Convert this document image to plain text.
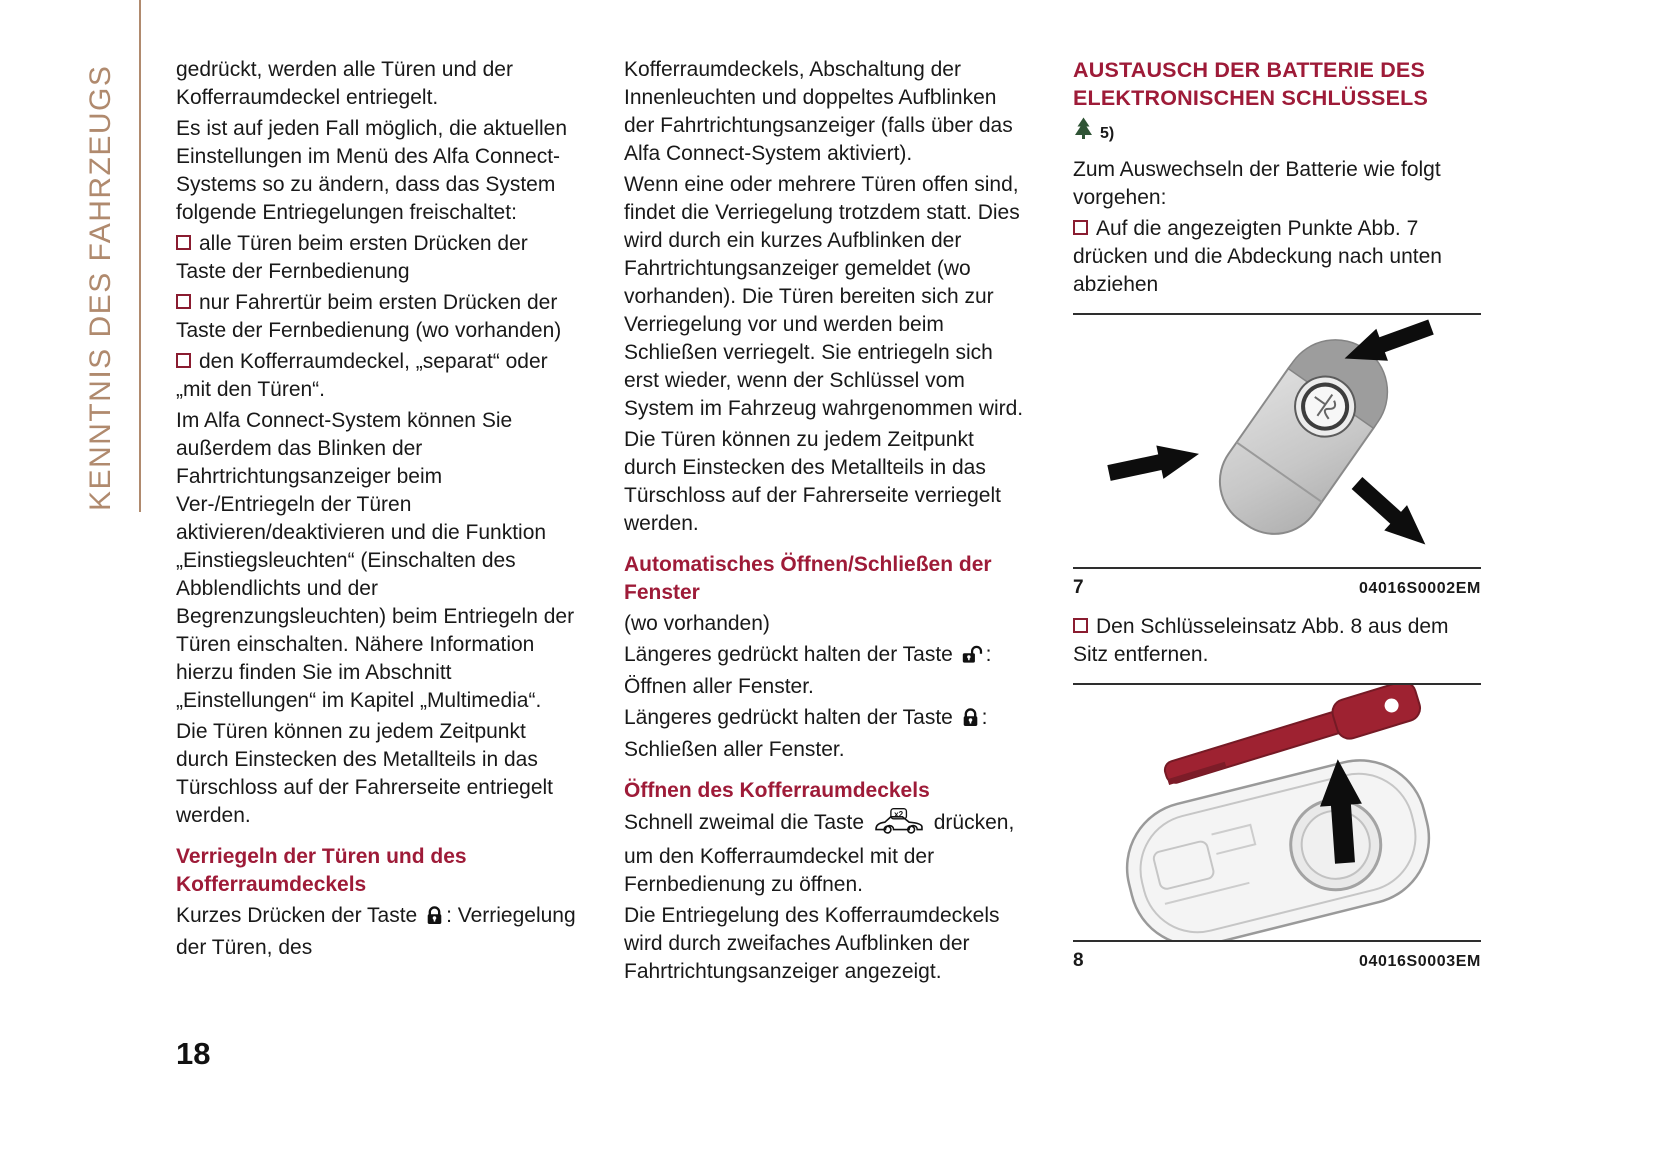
KENNTNIS DES FAHRZEUGS	gedrückt, werden alle Türen und der Kofferraumdeckel entriegelt.

Es ist auf jeden Fall möglich, die aktuellen Einstellungen im Menü des Alfa Connect-Systems so zu ändern, dass das System folgende Entriegelungen freischaltet:

alle Türen beim ersten Drücken der Taste der Fernbedienung

nur Fahrertür beim ersten Drücken der Taste der Fernbedienung (wo vorhanden)

den Kofferraumdeckel, „separat“ oder „mit den Türen“.

Im Alfa Connect-System können Sie außerdem das Blinken der Fahrtrichtungsanzeiger beim Ver-/Entriegeln der Türen aktivieren/deaktivieren und die Funktion „Einstiegsleuchten“ (Einschalten des Abblendlichts und der Begrenzungsleuchten) beim Entriegeln der Türen einschalten. Nähere Information hierzu finden Sie im Abschnitt „Einstellungen“ im Kapitel „Multimedia“.

Die Türen können zu jedem Zeitpunkt durch Einstecken des Metallteils in das Türschloss auf der Fahrerseite entriegelt werden.

Verriegeln der Türen und des Kofferraumdeckels

Kurzes Drücken der Taste : Verriegelung der Türen, des

Kofferraumdeckels, Abschaltung der Innenleuchten und doppeltes Aufblinken der Fahrtrichtungsanzeiger (falls über das Alfa Connect-System aktiviert).

Wenn eine oder mehrere Türen offen sind, findet die Verriegelung trotzdem statt. Dies wird durch ein kurzes Aufblinken der Fahrtrichtungsanzeiger gemeldet (wo vorhanden). Die Türen bereiten sich zur Verriegelung vor und werden beim Schließen verriegelt. Sie entriegeln sich erst wieder, wenn der Schlüssel vom System im Fahrzeug wahrgenommen wird.

Die Türen können zu jedem Zeitpunkt durch Einstecken des Metallteils in das Türschloss auf der Fahrerseite verriegelt werden.

Automatisches Öffnen/Schließen der Fenster

(wo vorhanden)

Längeres gedrückt halten der Taste : Öffnen aller Fenster.

Längeres gedrückt halten der Taste : Schließen aller Fenster.

Öffnen des Kofferraumdeckels

Schnell zweimal die Taste x2 drücken, um den Kofferraumdeckel mit der Fernbedienung zu öffnen.

Die Entriegelung des Kofferraumdeckels wird durch zweifaches Aufblinken der Fahrtrichtungsanzeiger angezeigt.

AUSTAUSCH DER BATTERIE DES ELEKTRONISCHEN SCHLÜSSELS
5)

Zum Auswechseln der Batterie wie folgt vorgehen:

Auf die angezeigten Punkte Abb. 7 drücken und die Abdeckung nach unten abziehen

7	04016S0002EM

Den Schlüsseleinsatz Abb. 8 aus dem Sitz entfernen.

8	04016S0003EM
18
